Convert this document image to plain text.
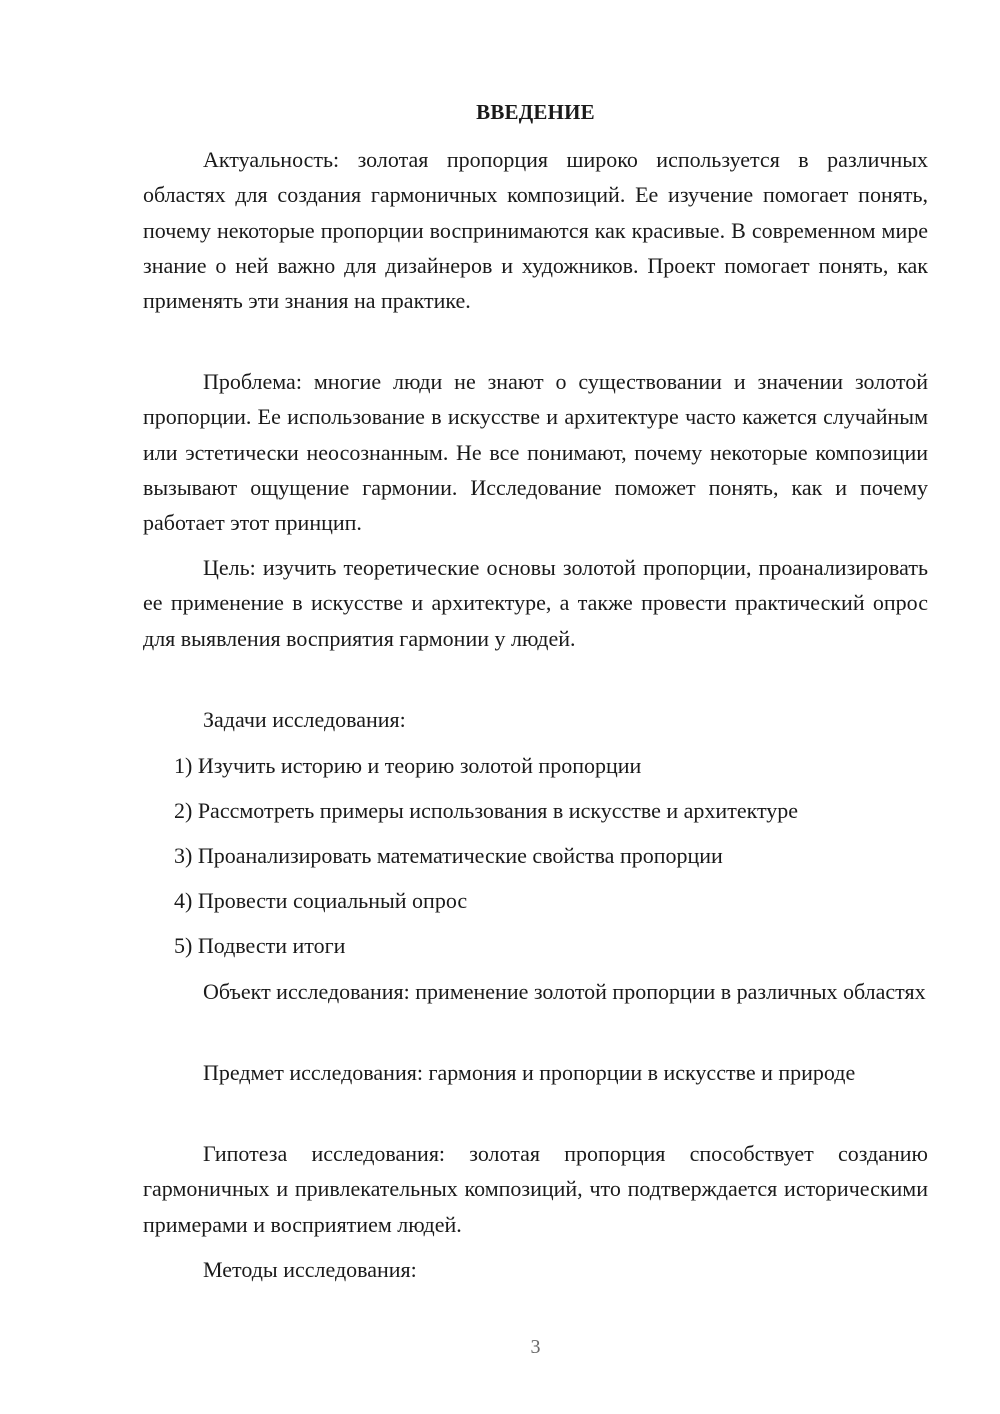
ВВЕДЕНИЕ

Актуальность: золотая пропорция широко используется в различных областях для создания гармоничных композиций. Ее изучение помогает понять, почему некоторые пропорции воспринимаются как красивые. В современном мире знание о ней важно для дизайнеров и художников. Проект помогает понять, как применять эти знания на практике.

Проблема: многие люди не знают о существовании и значении золотой пропорции. Ее использование в искусстве и архитектуре часто кажется случайным или эстетически неосознанным. Не все понимают, почему некоторые композиции вызывают ощущение гармонии. Исследование поможет понять, как и почему работает этот принцип.

Цель: изучить теоретические основы золотой пропорции, проанализировать ее применение в искусстве и архитектуре, а также провести практический опрос для выявления восприятия гармонии у людей.

Задачи исследования:

1) Изучить историю и теорию золотой пропорции

2) Рассмотреть примеры использования в искусстве и архитектуре

3) Проанализировать математические свойства пропорции

4) Провести социальный опрос

5) Подвести итоги

Объект исследования: применение золотой пропорции в различных областях

Предмет исследования: гармония и пропорции в искусстве и природе

Гипотеза исследования: золотая пропорция способствует созданию гармоничных и привлекательных композиций, что подтверждается историческими примерами и восприятием людей.

Методы исследования:

3
